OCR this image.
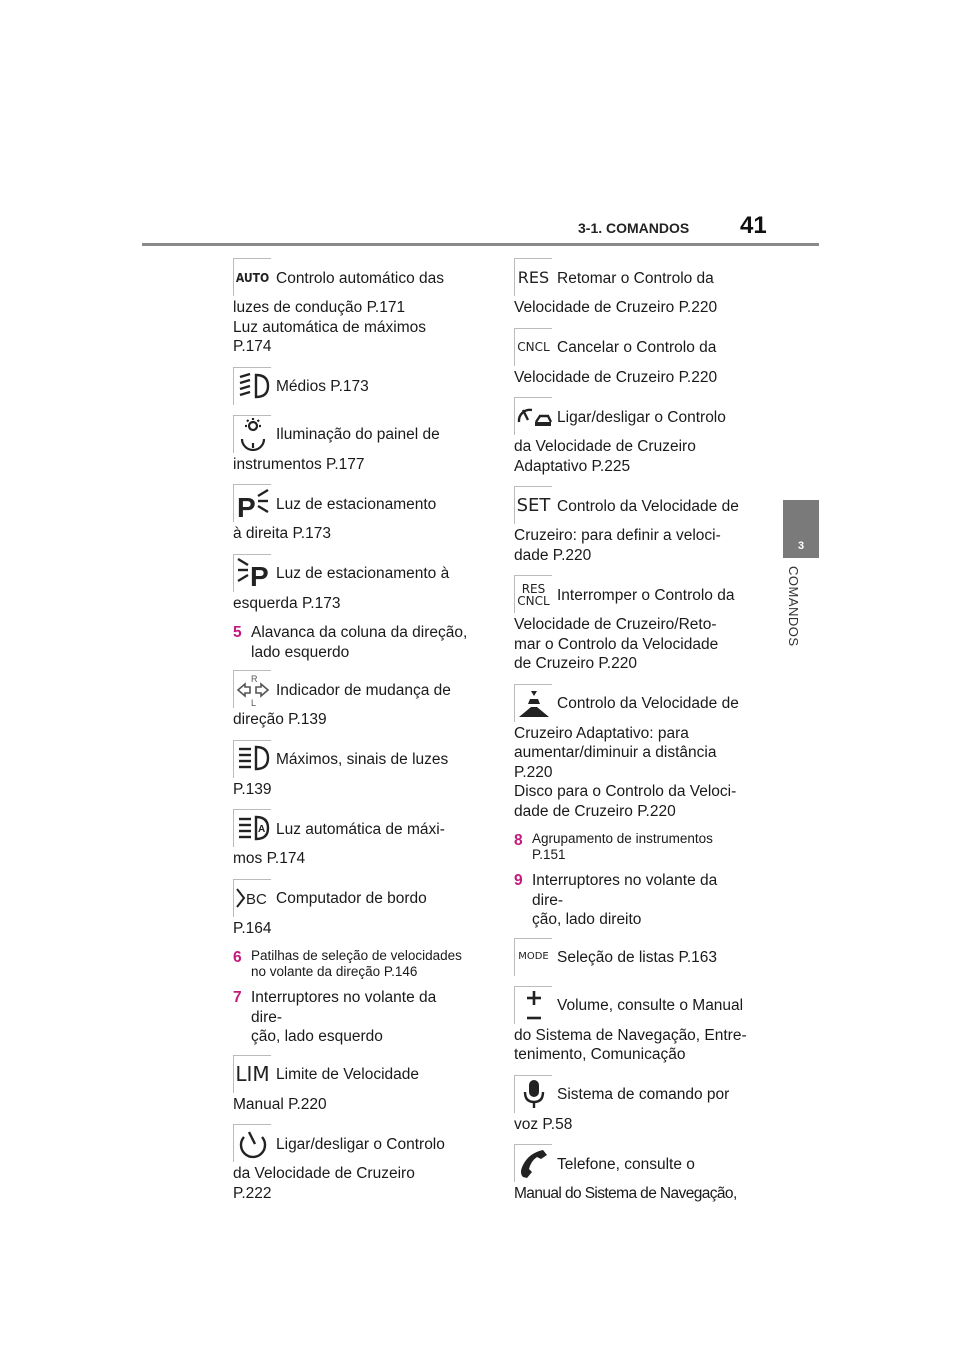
3-1. COMANDOS 41
3
COMANDOS
AUTO Controlo automático das
luzes de condução P.171
Luz automática de máximos
P.174
Médios P.173
Iluminação do painel de
instrumentos P.177
P Luz de estacionamento
à direita P.173
P Luz de estacionamento à
esquerda P.173
5 Alavanca da coluna da direção,
lado esquerdo
R
L
Indicador de mudança de
direção P.139
Máximos, sinais de luzes
P.139
A Luz automática de máxi-
mos P.174
BC Computador de bordo
P.164
6 Patilhas de seleção de velocidades
no volante da direção P.146
7 Interruptores no volante da dire-
ção, lado esquerdo
LIM Limite de Velocidade
Manual P.220
Ligar/desligar o Controlo
da Velocidade de Cruzeiro
P.222
RES Retomar o Controlo da
Velocidade de Cruzeiro P.220
CNCL Cancelar o Controlo da
Velocidade de Cruzeiro P.220
Ligar/desligar o Controlo
da Velocidade de Cruzeiro
Adaptativo P.225
SET Controlo da Velocidade de
Cruzeiro: para definir a veloci-
dade P.220
RES
CNCL Interromper o Controlo da
Velocidade de Cruzeiro/Reto-
mar o Controlo da Velocidade
de Cruzeiro P.220
Controlo da Velocidade de
Cruzeiro Adaptativo: para
aumentar/diminuir a distância
P.220
Disco para o Controlo da Veloci-
dade de Cruzeiro P.220
8 Agrupamento de instrumentos
P.151
9 Interruptores no volante da dire-
ção, lado direito
MODE Seleção de listas P.163
Volume, consulte o Manual
do Sistema de Navegação, Entre-
tenimento, Comunicação
Sistema de comando por
voz P.58
Telefone, consulte o
Manual do Sistema de Navegação,
